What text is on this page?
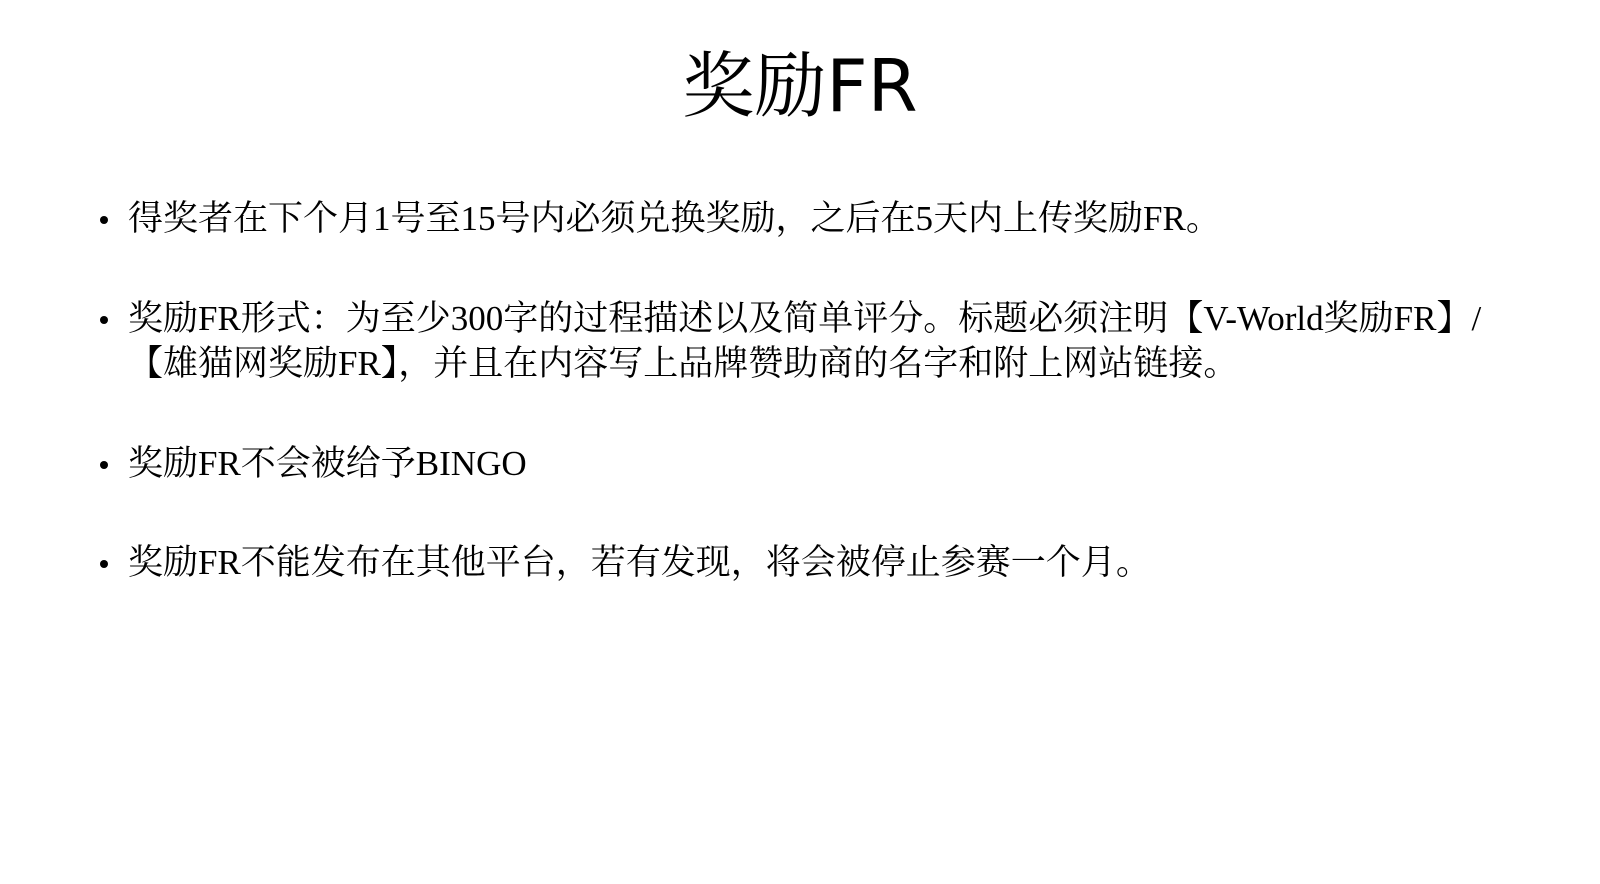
奖励FR
得奖者在下个月1号至15号内必须兑换奖励，之后在5天内上传奖励FR。
奖励FR形式：为至少300字的过程描述以及简单评分。标题必须注明【V-World奖励FR】/【雄猫网奖励FR】，并且在内容写上品牌赞助商的名字和附上网站链接。
奖励FR不会被给予BINGO
奖励FR不能发布在其他平台，若有发现，将会被停止参赛一个月。
